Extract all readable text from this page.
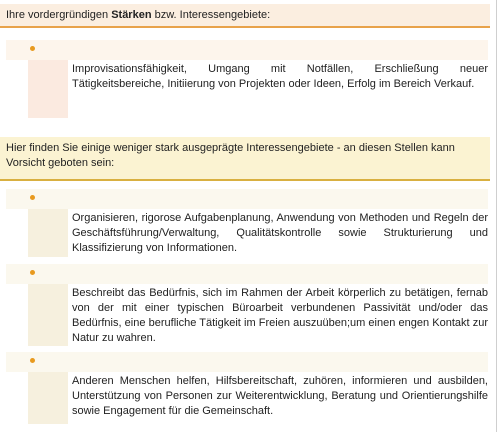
Ihre vordergründigen Stärken bzw. Interessengebiete:
Improvisationsfähigkeit, Umgang mit Notfällen, Erschließung neuer Tätigkeitsbereiche, Initiierung von Projekten oder Ideen, Erfolg im Bereich Verkauf.
Hier finden Sie einige weniger stark ausgeprägte Interessengebiete - an diesen Stellen kann Vorsicht geboten sein:
Organisieren, rigorose Aufgabenplanung, Anwendung von Methoden und Regeln der Geschäftsführung/Verwaltung, Qualitätskontrolle sowie Strukturierung und Klassifizierung von Informationen.
Beschreibt das Bedürfnis, sich im Rahmen der Arbeit körperlich zu betätigen, fernab von der mit einer typischen Büroarbeit verbundenen Passivität und/oder das Bedürfnis, eine berufliche Tätigkeit im Freien auszuüben;um einen engen Kontakt zur Natur zu wahren.
Anderen Menschen helfen, Hilfsbereitschaft, zuhören, informieren und ausbilden, Unterstützung von Personen zur Weiterentwicklung, Beratung und Orientierungshilfe sowie Engagement für die Gemeinschaft.
